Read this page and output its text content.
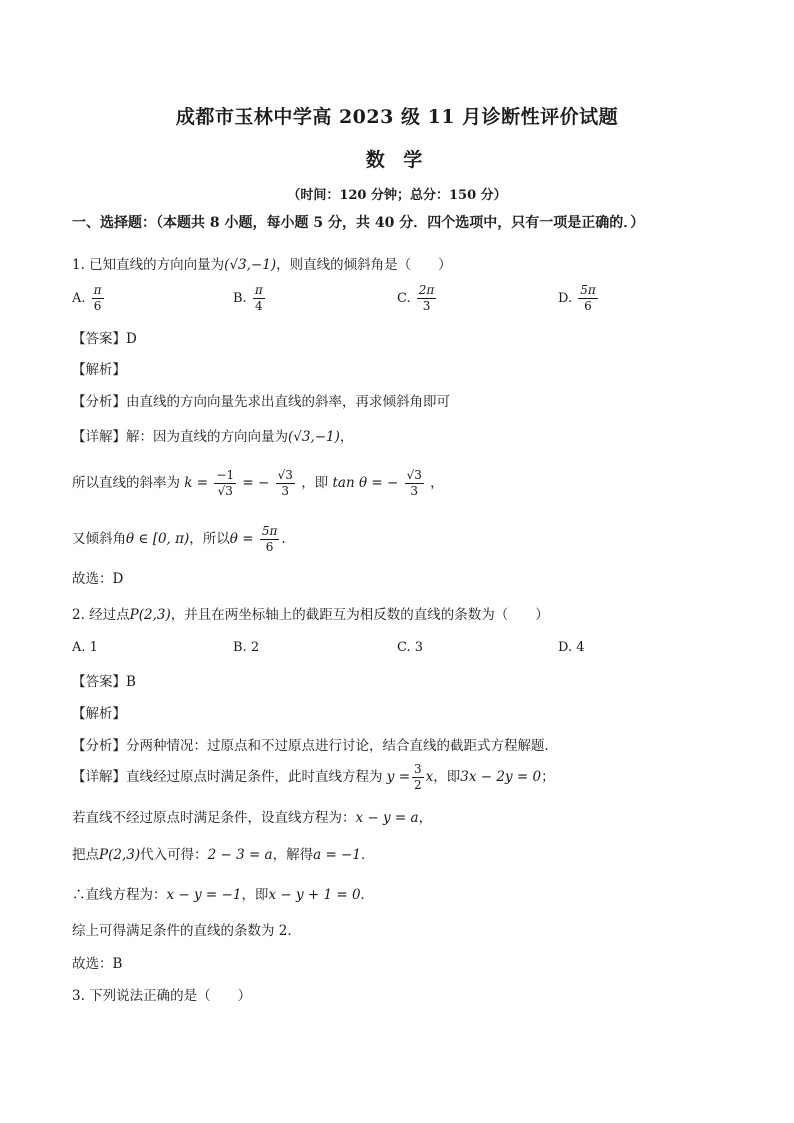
成都市玉林中学高 2023 级 11 月诊断性评价试题
数 学
（时间：120 分钟；总分：150 分）
一、选择题：（本题共 8 小题，每小题 5 分，共 40 分．四个选项中，只有一项是正确的．）
1. 已知直线的方向向量为(√3,−1)，则直线的倾斜角是（　　）
A. $\frac{\pi}{6}$	B. $\frac{\pi}{4}$	C. $\frac{2\pi}{3}$	D. $\frac{5\pi}{6}$
【答案】D
【解析】
【分析】由直线的方向向量先求出直线的斜率，再求倾斜角即可
【详解】解：因为直线的方向向量为(√3,−1)，
所以直线的斜率为 $k = \frac{-1}{√3}$ = − $\frac{√3}{3}$ ，即 tan θ = − $\frac{√3}{3}$ ，
又倾斜角θ ∈ [0, π)，所以$\theta = \frac{5\pi}{6}$ .
故选：D
2. 经过点P(2,3)，并且在两坐标轴上的截距互为相反数的直线的条数为（　　）
A. 1	B. 2	C. 3	D. 4
【答案】B
【解析】
【分析】分两种情况：过原点和不过原点进行讨论，结合直线的截距式方程解题．
【详解】直线经过原点时满足条件，此时直线方程为 $y = \frac{3}{2}$ x，即3x − 2y = 0；
若直线不经过原点时满足条件，设直线方程为：x − y = a，
把点P(2,3)代入可得：2 − 3 = a，解得a = −1．
∴直线方程为：x − y = −1，即x − y + 1 = 0．
综上可得满足条件的直线的条数为 2．
故选：B
3. 下列说法正确的是（　　）
